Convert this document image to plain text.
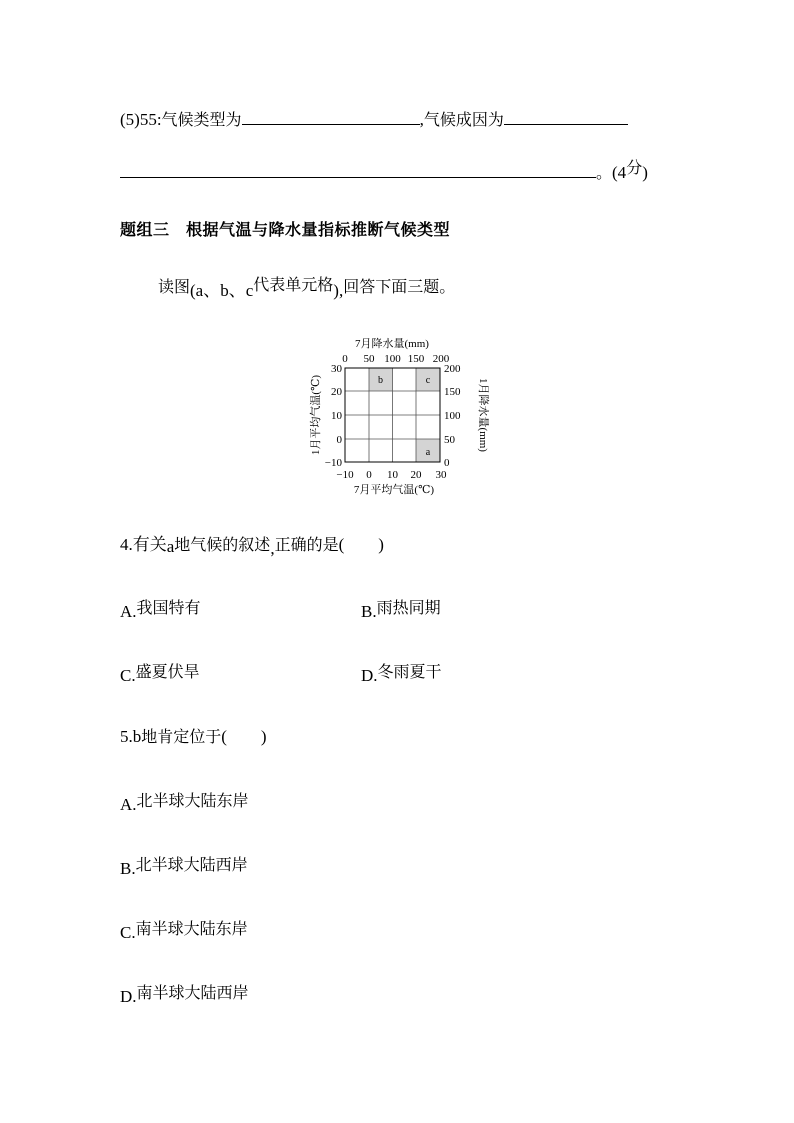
(5)55:气候类型为	,气候成因为
。(4分)
题组三　根据气温与降水量指标推断气候类型
读图(a、b、c代表单元格),回答下面三题。
b	c
a
7月降水量(mm)
0 50 100 150 200
30
20
10
0
−10
1月平均气温(℃)
200
150
100
50
0
1月降水量(mm)
−10 0 10 20 30
7月平均气温(℃)
4.有关a地气候的叙述,正确的是(　　)
A.我国特有	B.雨热同期
C.盛夏伏旱	D.冬雨夏干
5.b地肯定位于(　　)
A.北半球大陆东岸
B.北半球大陆西岸
C.南半球大陆东岸
D.南半球大陆西岸
